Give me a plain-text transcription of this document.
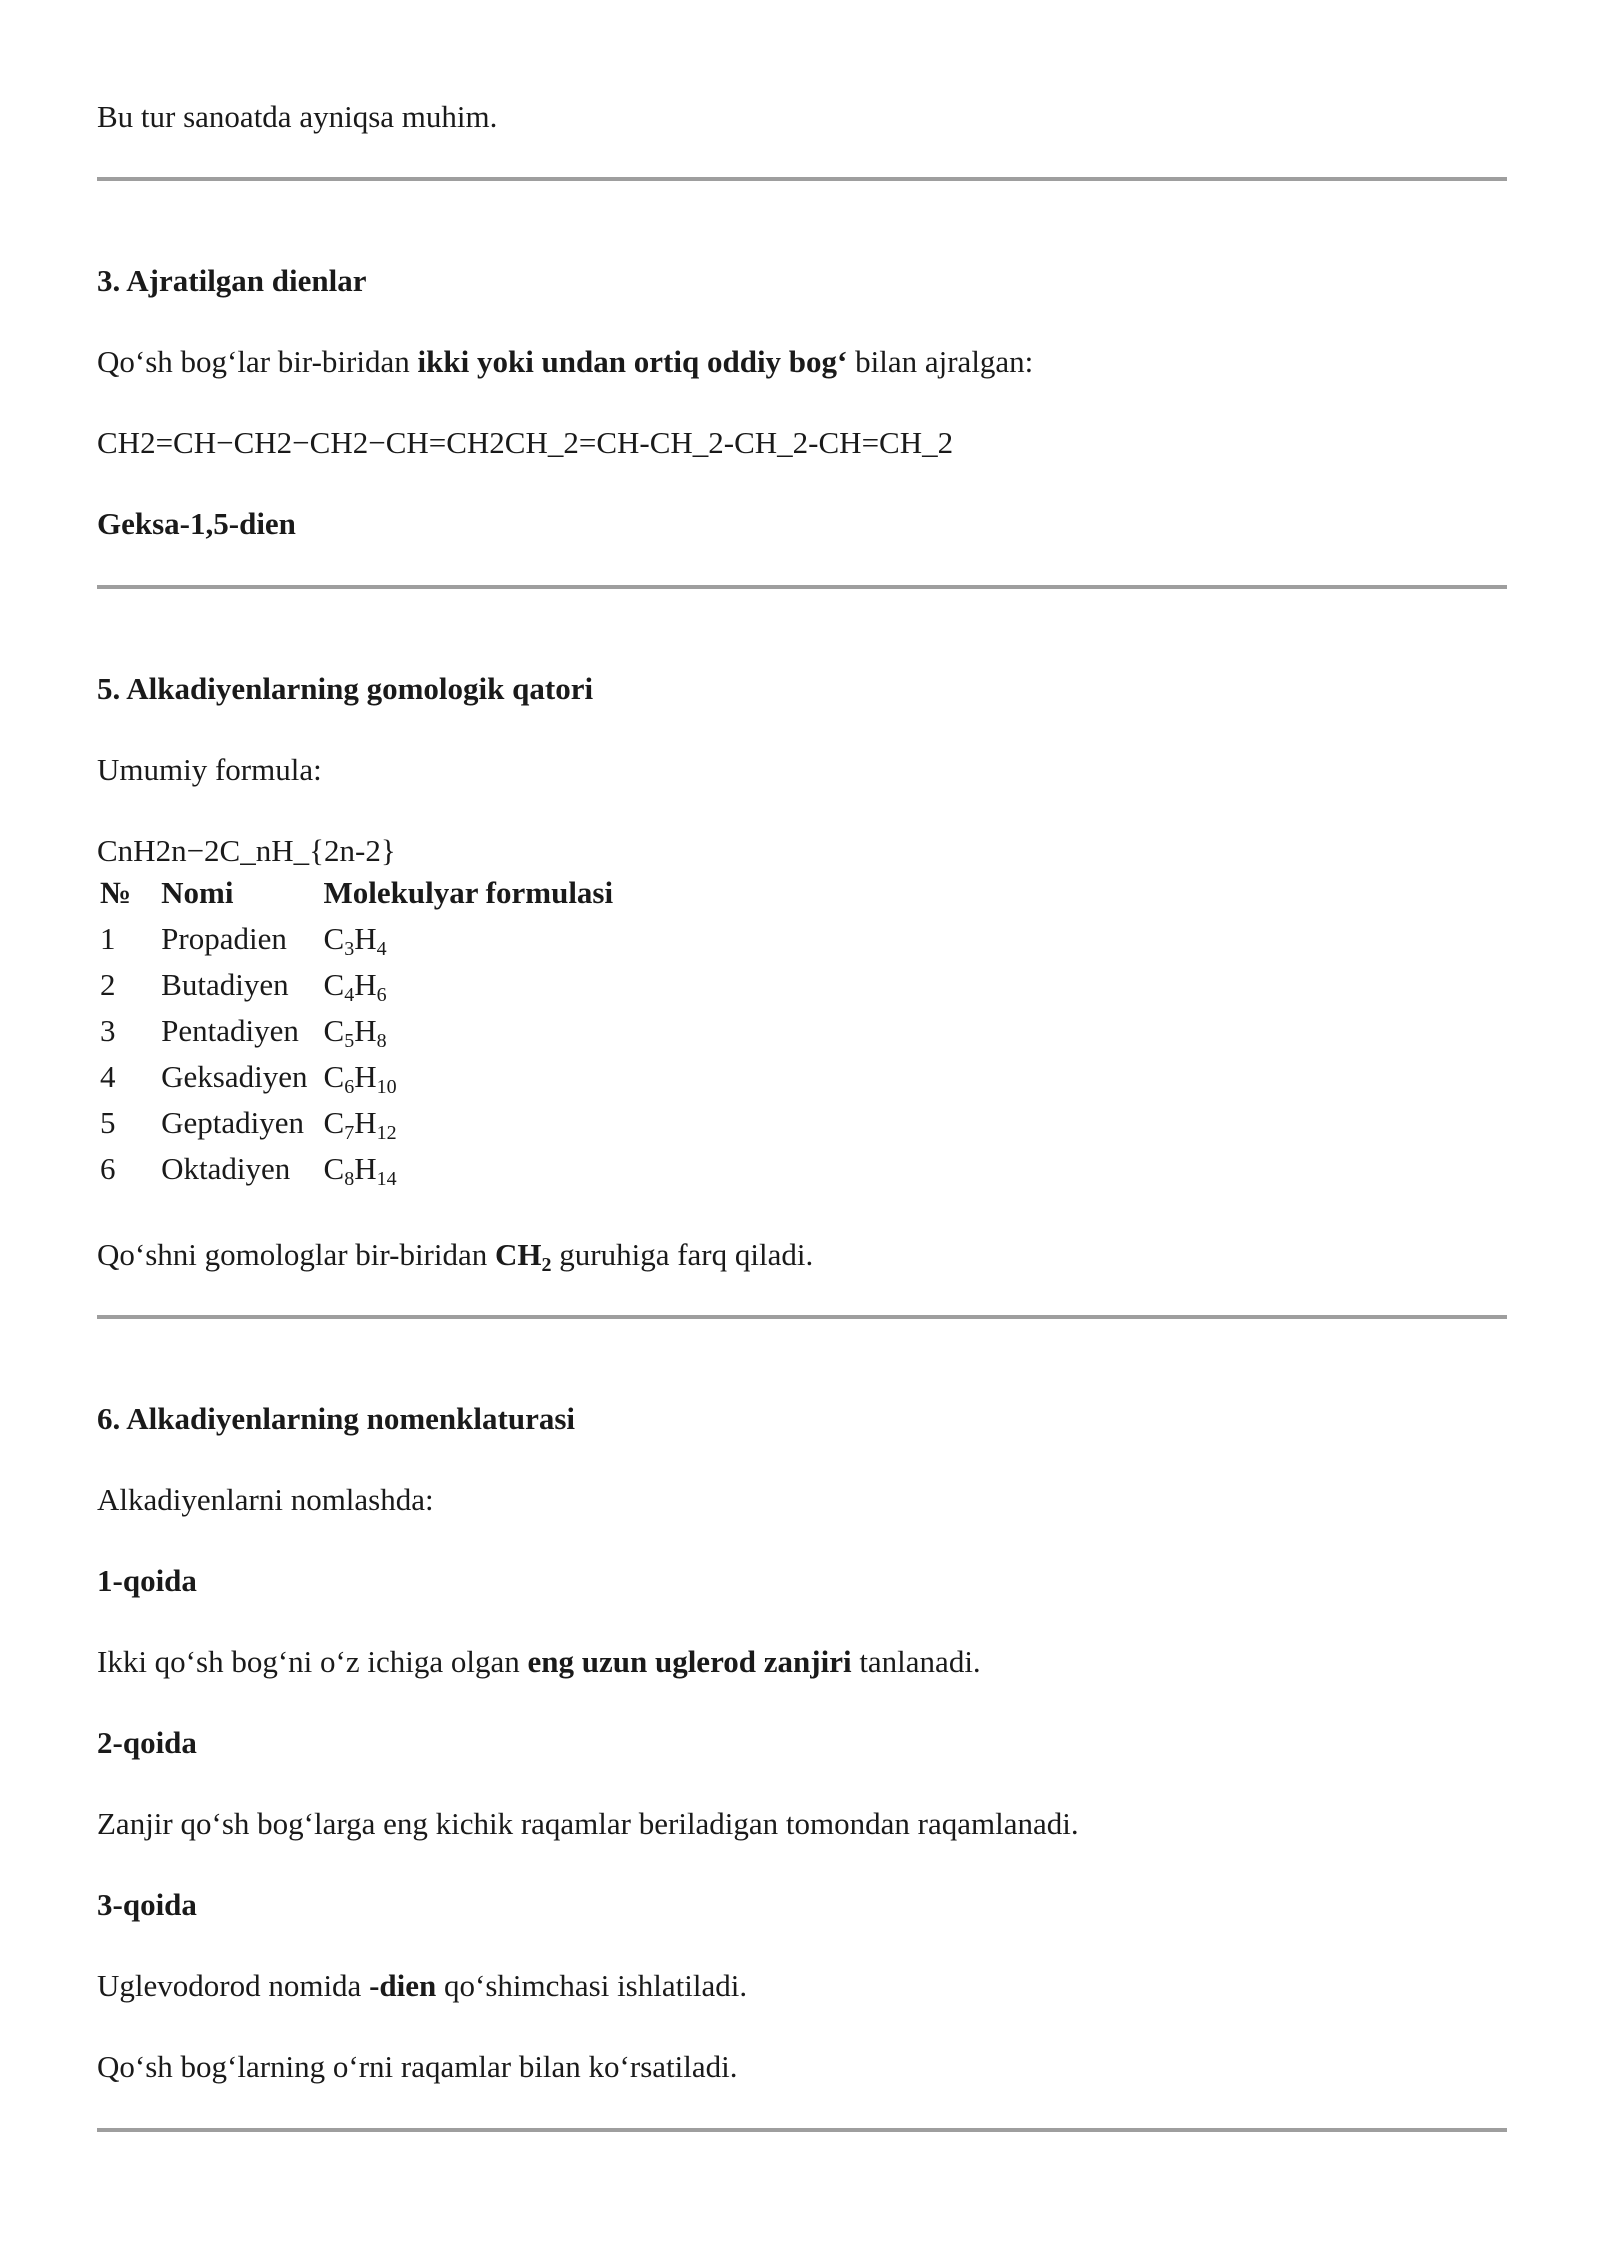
Bu tur sanoatda ayniqsa muhim.
3. Ajratilgan dienlar
Qo‘sh bog‘lar bir-biridan ikki yoki undan ortiq oddiy bog‘ bilan ajralgan:
CH2=CH−CH2−CH2−CH=CH2CH_2=CH-CH_2-CH_2-CH=CH_2
Geksa-1,5-dien
5. Alkadiyenlarning gomologik qatori
Umumiy formula:
CnH2n−2C_nH_{2n-2}
№	Nomi	Molekulyar formulasi
1	Propadien	$C_3H_4$
2	Butadiyen	$C_4H_6$
3	Pentadiyen	$C_5H_8$
4	Geksadiyen	$C_6H_{10}$
5	Geptadiyen	$C_7H_{12}$
6	Oktadiyen	$C_8H_{14}$
Qo‘shni gomologlar bir-biridan $CH_2$ guruhiga farq qiladi.
6. Alkadiyenlarning nomenklaturasi
Alkadiyenlarni nomlashda:
1-qoida
Ikki qo‘sh bog‘ni o‘z ichiga olgan eng uzun uglerod zanjiri tanlanadi.
2-qoida
Zanjir qo‘sh bog‘larga eng kichik raqamlar beriladigan tomondan raqamlanadi.
3-qoida
Uglevodorod nomida -dien qo‘shimchasi ishlatiladi.
Qo‘sh bog‘larning o‘rni raqamlar bilan ko‘rsatiladi.
